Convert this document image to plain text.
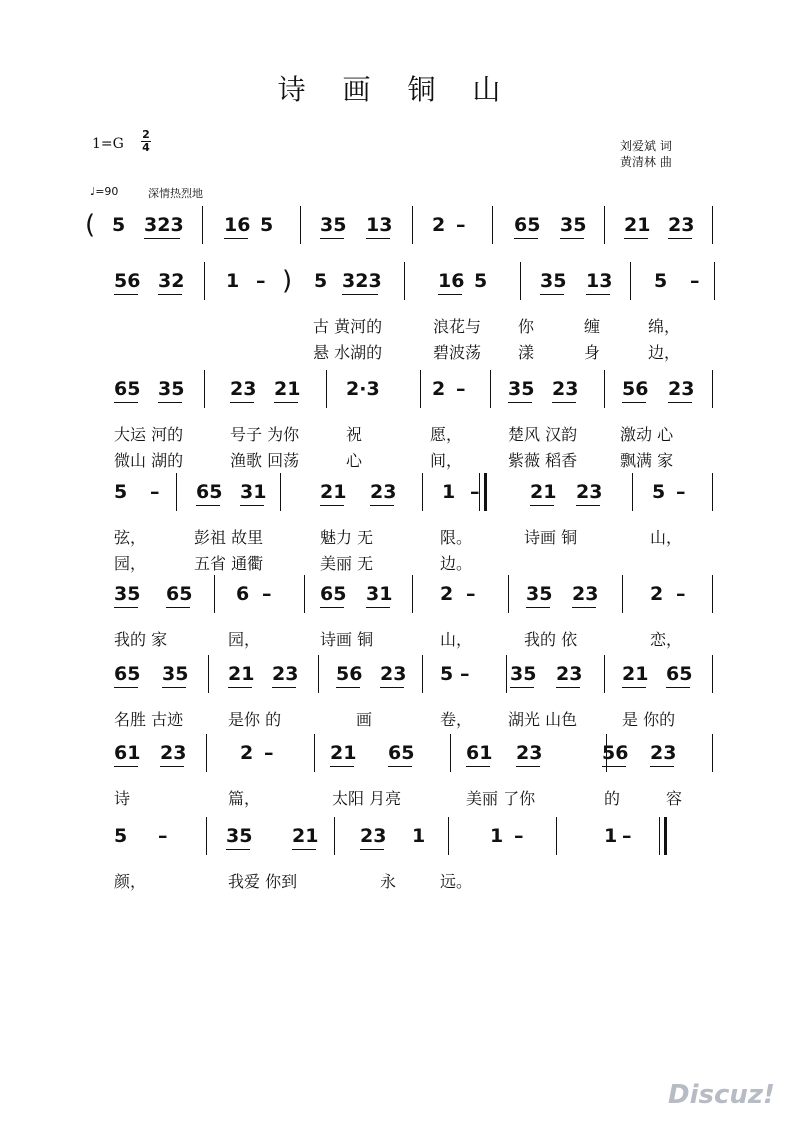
诗 画 铜 山
1=G
2
4	刘爱斌 词
黄清林 曲
♩=90	深情热烈地
( 5 323 16 5 35 13 2 –	65 35 21 23
56 32 1 – ) 5 323	16 5	35 13 5 –
古 黄河的	浪花与 你	缠	绵，
悬 水湖的	碧波荡 漾	身	边，
65 35 23 21 2·3	2 – 35 23 56 23
大运 河的	号子 为你	祝	愿，	楚风 汉韵	激动 心
微山 湖的	渔歌 回荡	心	间，	紫薇 稻香	飘满 家
5 – 65 31	21 23 1 –	21 23	5 –
弦，	彭祖 故里	魅力 无	限。	诗画 铜	山，
园，	五省 通衢	美丽 无	边。
35 65 6 –	65 31	2 –	35 23	2 –
我的 家	园，	诗画 铜	山，	我的 依	恋，
65 35 21 23 56 23 5 – 35 23 21 65
名胜 古迹	是你 的	画	卷， 湖光 山色	是 你的
61 23	2 –	21 65	61 23	56 23
诗	篇，	太阳 月亮	美丽 了你	的	容
5 –	35 21 23 1	1 –	1 –
颜，	我爱 你到	永	远。
Discuz!
